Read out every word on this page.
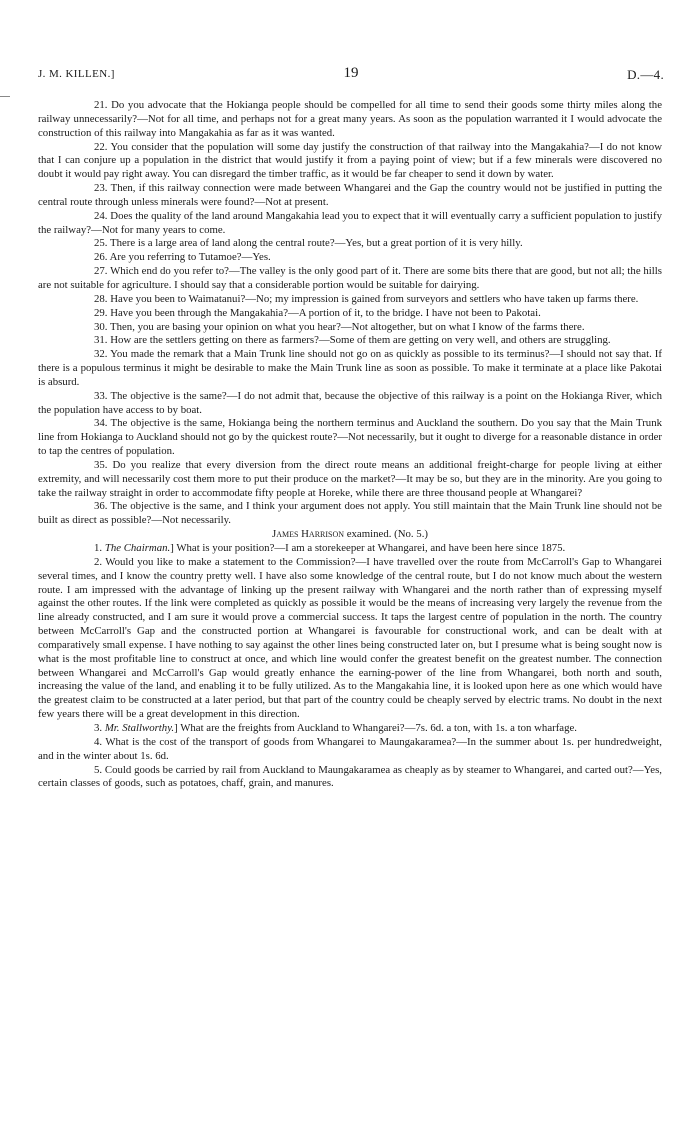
J. M. KILLEN.]	19	D.—4.

21. Do you advocate that the Hokianga people should be compelled for all time to send their goods some thirty miles along the railway unnecessarily?—Not for all time, and perhaps not for a great many years. As soon as the population warranted it I would advocate the construction of this railway into Mangakahia as far as it was wanted.

22. You consider that the population will some day justify the construction of that railway into the Mangakahia?—I do not know that I can conjure up a population in the district that would justify it from a paying point of view; but if a few minerals were discovered no doubt it would pay right away. You can disregard the timber traffic, as it would be far cheaper to send it down by water.

23. Then, if this railway connection were made between Whangarei and the Gap the country would not be justified in putting the central route through unless minerals were found?—Not at present.

24. Does the quality of the land around Mangakahia lead you to expect that it will eventually carry a sufficient population to justify the railway?—Not for many years to come.

25. There is a large area of land along the central route?—Yes, but a great portion of it is very hilly.

26. Are you referring to Tutamoe?—Yes.

27. Which end do you refer to?—The valley is the only good part of it. There are some bits there that are good, but not all; the hills are not suitable for agriculture. I should say that a considerable portion would be suitable for dairying.

28. Have you been to Waimatanui?—No; my impression is gained from surveyors and settlers who have taken up farms there.

29. Have you been through the Mangakahia?—A portion of it, to the bridge. I have not been to Pakotai.

30. Then, you are basing your opinion on what you hear?—Not altogether, but on what I know of the farms there.

31. How are the settlers getting on there as farmers?—Some of them are getting on very well, and others are struggling.

32. You made the remark that a Main Trunk line should not go on as quickly as possible to its terminus?—I should not say that. If there is a populous terminus it might be desirable to make the Main Trunk line as soon as possible. To make it terminate at a place like Pakotai is absurd.

33. The objective is the same?—I do not admit that, because the objective of this railway is a point on the Hokianga River, which the population have access to by boat.

34. The objective is the same, Hokianga being the northern terminus and Auckland the southern. Do you say that the Main Trunk line from Hokianga to Auckland should not go by the quickest route?—Not necessarily, but it ought to diverge for a reasonable distance in order to tap the centres of population.

35. Do you realize that every diversion from the direct route means an additional freight-charge for people living at either extremity, and will necessarily cost them more to put their produce on the market?—It may be so, but they are in the minority. Are you going to take the railway straight in order to accommodate fifty people at Horeke, while there are three thousand people at Whangarei?

36. The objective is the same, and I think your argument does not apply. You still maintain that the Main Trunk line should not be built as direct as possible?—Not necessarily.

James Harrison examined. (No. 5.)

1. The Chairman.] What is your position?—I am a storekeeper at Whangarei, and have been here since 1875.

2. Would you like to make a statement to the Commission?—I have travelled over the route from McCarroll's Gap to Whangarei several times, and I know the country pretty well. I have also some knowledge of the central route, but I do not know much about the western route. I am impressed with the advantage of linking up the present railway with Whangarei and the north rather than of expressing myself against the other routes. If the link were completed as quickly as possible it would be the means of increasing very largely the revenue from the line already constructed, and I am sure it would prove a commercial success. It taps the largest centre of population in the north. The country between McCarroll's Gap and the constructed portion at Whangarei is favourable for constructional work, and can be dealt with at comparatively small expense. I have nothing to say against the other lines being constructed later on, but I presume what is being sought now is what is the most profitable line to construct at once, and which line would confer the greatest benefit on the greatest number. The connection between Whangarei and McCarroll's Gap would greatly enhance the earning-power of the line from Whangarei, both north and south, increasing the value of the land, and enabling it to be fully utilized. As to the Mangakahia line, it is looked upon here as one which would have the greatest claim to be constructed at a later period, but that part of the country could be cheaply served by electric trams. No doubt in the next few years there will be a great development in this direction.

3. Mr. Stallworthy.] What are the freights from Auckland to Whangarei?—7s. 6d. a ton, with 1s. a ton wharfage.

4. What is the cost of the transport of goods from Whangarei to Maungakaramea?—In the summer about 1s. per hundredweight, and in the winter about 1s. 6d.

5. Could goods be carried by rail from Auckland to Maungakaramea as cheaply as by steamer to Whangarei, and carted out?—Yes, certain classes of goods, such as potatoes, chaff, grain, and manures.
